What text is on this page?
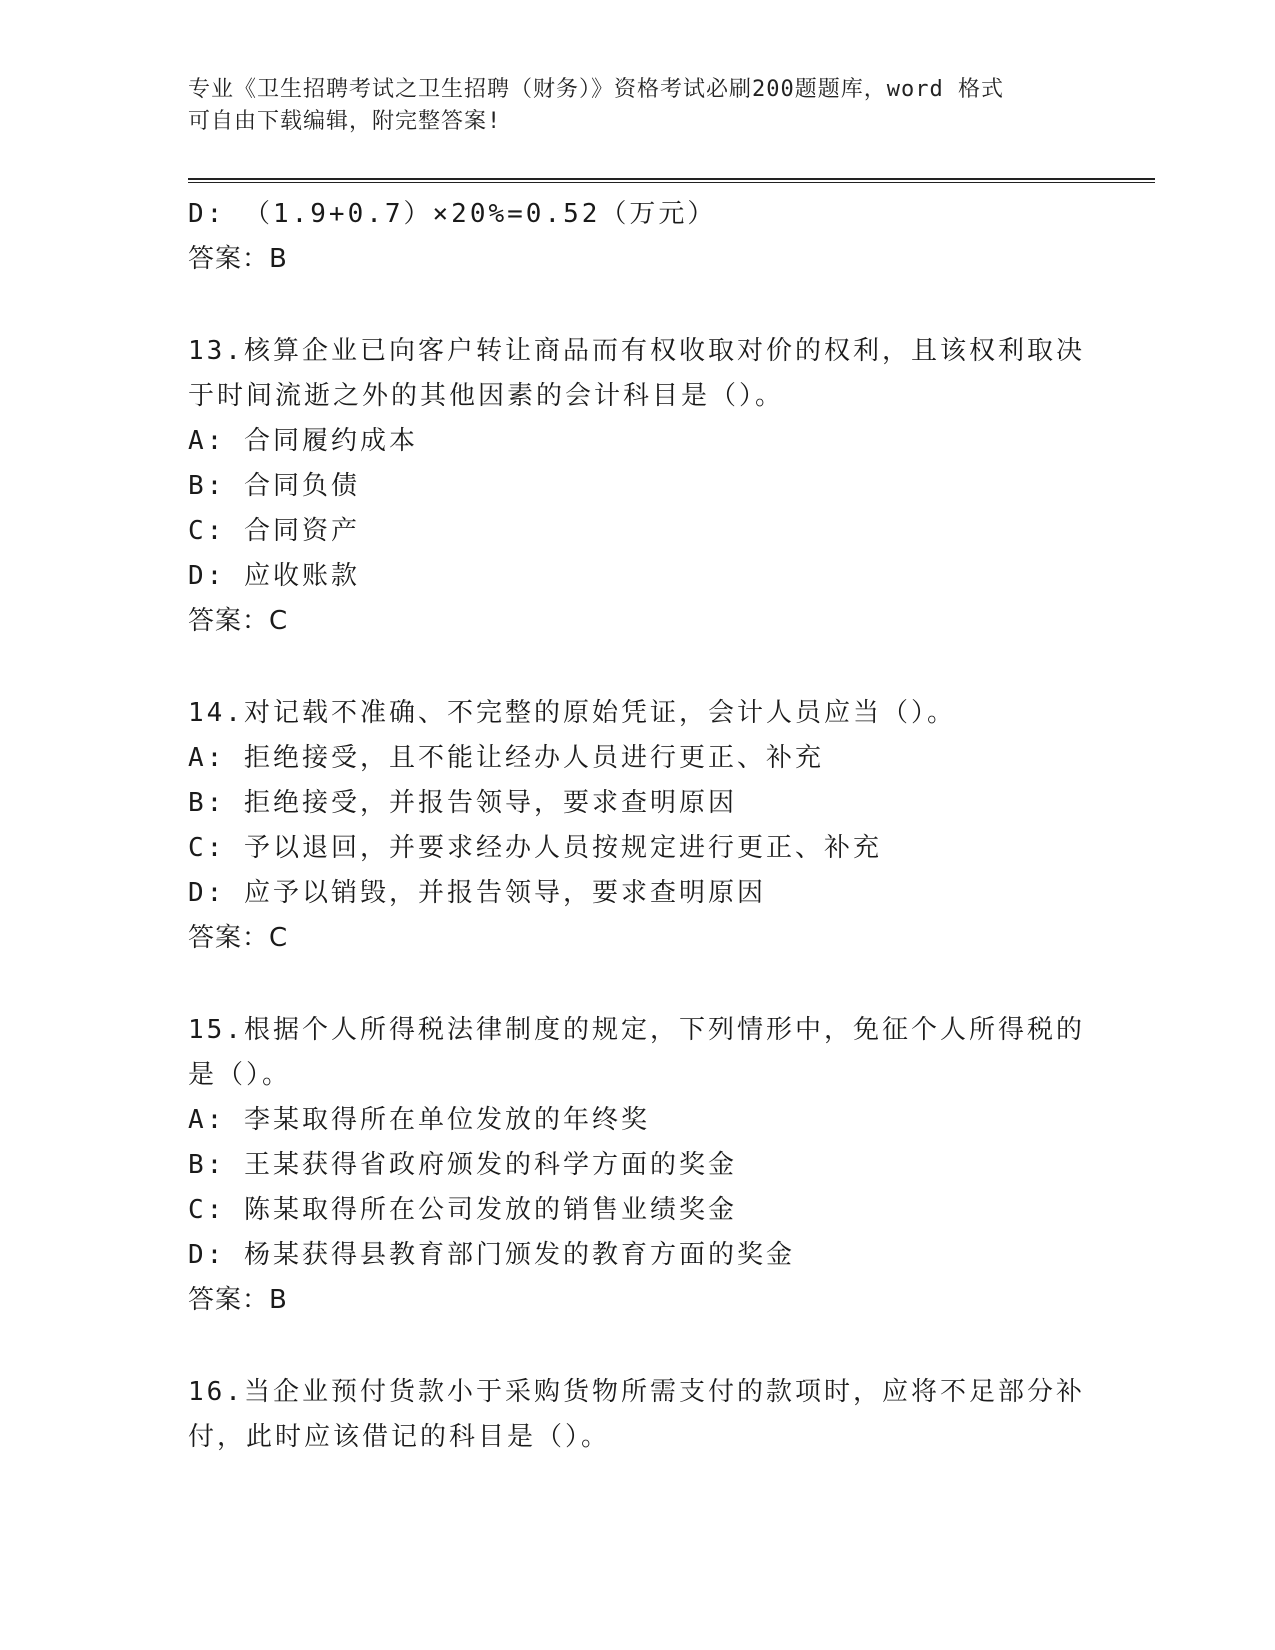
专业《卫生招聘考试之卫生招聘（财务）》资格考试必刷200题题库，word 格式
可自由下载编辑，附完整答案!
D: （1.9+0.7）×20%=0.52（万元）
答案：B
13.核算企业已向客户转让商品而有权收取对价的权利，且该权利取决
于时间流逝之外的其他因素的会计科目是（）。
A: 合同履约成本
B: 合同负债
C: 合同资产
D: 应收账款
答案：C
14.对记载不准确、不完整的原始凭证，会计人员应当（）。
A: 拒绝接受，且不能让经办人员进行更正、补充
B: 拒绝接受，并报告领导，要求查明原因
C: 予以退回，并要求经办人员按规定进行更正、补充
D: 应予以销毁，并报告领导，要求查明原因
答案：C
15.根据个人所得税法律制度的规定，下列情形中，免征个人所得税的
是（）。
A: 李某取得所在单位发放的年终奖
B: 王某获得省政府颁发的科学方面的奖金
C: 陈某取得所在公司发放的销售业绩奖金
D: 杨某获得县教育部门颁发的教育方面的奖金
答案：B
16.当企业预付货款小于采购货物所需支付的款项时，应将不足部分补
付，此时应该借记的科目是（）。
